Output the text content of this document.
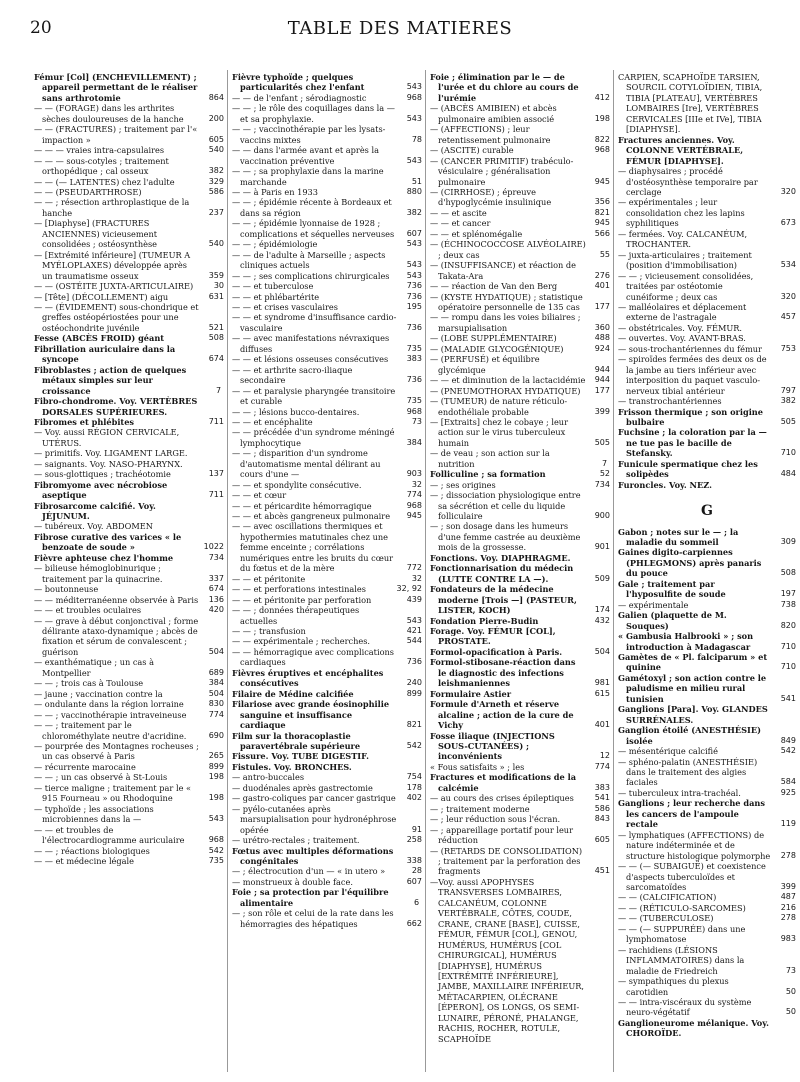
20	TABLE DES MATIERES
Fémur [Col] (ENCHEVILLEMENT) ; appareil permettant de le réaliser sans arthrotomie	864
— — (FORAGE) dans les arthrites sèches douloureuses de la hanche	200
— — (FRACTURES) ; traitement par l'« impaction »	605
— — — vraies intra-capsulaires	540
— — — sous-cotyles ; traitement orthopédique ; cal osseux	382
— — (— LATENTES) chez l'adulte	329
— — (PSEUDARTHROSE)	586
— — ; résection arthroplastique de la hanche	237
— [Diaphyse] (FRACTURES ANCIENNES) vicieusement consolidées ; ostéosynthèse	540
— [Extrémité inférieure] (TUMEUR A MYÉLOPLAXES) développée après un traumatisme osseux	359
— — (OSTÉITE JUXTA-ARTICULAIRE)	30
— [Tête] (DÉCOLLEMENT) aigu	631
— — (ÉVIDEMENT) sous-chondrique et greffes ostéopériostées pour une ostéochondrite juvénile	521
Fesse (ABCÈS FROID) géant	508
Fibrillation auriculaire dans la syncope	674
Fibroblastes ; action de quelques métaux simples sur leur croissance	7
Fibro-chondrome. Voy. VERTÈBRES DORSALES SUPÉRIEURES.
Fibromes et phlébites	711
— Voy. aussi RÉGION CERVICALE, UTÉRUS.
— primitifs. Voy. LIGAMENT LARGE.
— saignants. Voy. NASO-PHARYNX.
— sous-glottiques ; trachéotomie	137
Fibromyome avec nécrobiose aseptique	711
Fibrosarcome calcifié. Voy. JÉJUNUM.
— tubéreux. Voy. ABDOMEN
Fibrose curative des varices « le benzoate de soude »	1022
Fièvre aphteuse chez l'homme	734
— bilieuse hémoglobinurique ; traitement par la quinacrine.	337
— boutonneuse	674
— — méditerranéenne observée à Paris 136
— — et troubles oculaires	420
— — grave à début conjonctival ; forme délirante ataxo-dynamique ; abcès de fixation et sérum de convalescent ; guérison	504
— exanthématique ; un cas à Montpellier	689
— — ; trois cas à Toulouse	384
— jaune ; vaccination contre la	504
— ondulante dans la région lorraine	830
— — ; vaccinothérapie intraveineuse	774
— — ; traitement par le chlorométhylate neutre d'acridine.	690
— pourprée des Montagnes rocheuses ; un cas observé à Paris	265
— récurrente marocaine	899
— — ; un cas observé à St-Louis	198
— tierce maligne ; traitement par le « 915 Fourneau » ou Rhodoquine	198
— typhoïde ; les associations microbiennes dans la —	543
— — et troubles de l'électrocardiogramme auriculaire	968
— — ; réactions biologiques	542
— — et médecine légale	735
Fièvre typhoïde ; quelques particularités chez l'enfant	543
— — de l'enfant ; sérodiagnostic	968
— — ; le rôle des coquillages dans la — et sa prophylaxie.	543
— — ; vaccinothérapie par les lysats-vaccins mixtes	78
— — dans l'armée avant et après la vaccination préventive	543
— — ; sa prophylaxie dans la marine marchande	51
— — à Paris en 1933	880
— — ; épidémie récente à Bordeaux et dans sa région	382
— — ; épidémie lyonnaise de 1928 ; complications et séquelles nerveuses 607
— — ; épidémiologie	543
— — de l'adulte à Marseille ; aspects cliniques actuels	543
— — ; ses complications chirurgicales 543
— — et tuberculose	736
— — et phlébartérite	736
— — et crises vasculaires	195
— — et syndrome d'insuffisance cardio-vasculaire	736
— — avec manifestations névraxiques diffuses	735
— — et lésions osseuses consécutives 383
— — et arthrite sacro-iliaque secondaire	736
— — et paralysie pharyngée transitoire et curable	735
— — ; lésions bucco-dentaires.	968
— — et encéphalite	73
— — précédée d'un syndrome méningé lymphocytique	384
— — ; disparition d'un syndrome d'automatisme mental délirant au cours d'une —	903
— — et spondylite consécutive.	32
— — et cœur	774
— — et péricardite hémorragique	968
— — et abcès gangreneux pulmonaire 945
— — avec oscillations thermiques et hypothermies matutinales chez une femme enceinte ; corrélations numériques entre les bruits du cœur du fœtus et de la mère	772
— — et péritonite	32
— — et perforations intestinales	32, 92
— — et péritonite par perforation	439
— — ; données thérapeutiques actuelles	543
— — ; transfusion	421
— — expérimentale ; recherches.	544
— — hémorragique avec complications cardiaques	736
Fièvres éruptives et encéphalites consécutives	240
Filaire de Médine calcifiée	899
Filariose avec grande éosinophilie sanguine et insuffisance cardiaque	821
Film sur la thoracoplastie paravertébrale supérieure	542
Fissure. Voy. TUBE DIGESTIF.
Fistules. Voy. BRONCHES.
— antro-buccales	754
— duodénales après gastrectomie	178
— gastro-coliques par cancer gastrique 402
— pyélo-cutanées après marsupialisation pour hydronéphrose opérée	91
— urétro-rectales ; traitement.	258
Fœtus avec multiples déformations congénitales	338
— ; électrocution d'un — « in utero »	28
— monstrueux à double face.	607
Foie ; sa protection par l'équilibre alimentaire	6
— ; son rôle et celui de la rate dans les hémorragies des hépatiques	662
Foie ; élimination par le — de l'urée et du chlore au cours de l'urémie	412
— (ABCÈS AMIBIEN) et abcès pulmonaire amibien associé	198
— (AFFECTIONS) ; leur retentissement pulmonaire	822
— (ASCITE) curable	968
— (CANCER PRIMITIF) trabéculo-vésiculaire ; généralisation pulmonaire	945
— (CIRRHOSE) ; épreuve d'hypoglycémie insulinique	356
— — et ascite	821
— — et cancer	945
— — et splénomégalie	566
— (ÉCHINOCOCCOSE ALVÉOLAIRE) ; deux cas	55
— (INSUFFISANCE) et réaction de Takata-Ara	276
— — réaction de Van den Berg	401
— (KYSTE HYDATIQUE) ; statistique opératoire personnelle de 135 cas 177
— — rompu dans les voies biliaires ; marsupialisation	360
— (LOBE SUPPLÉMENTAIRE)	488
— (MALADIE GLYCOGÉNIQUE)	924
— (PERFUSÉ) et équilibre glycémique	944
— — et diminution de la lactacidémie 944
— (PNEUMOTHORAX HYDATIQUE) 177
— (TUMEUR) de nature réticulo-endothéliale probable	399
— [Extraits] chez le cobaye ; leur action sur le virus tuberculeux humain	505
— de veau ; son action sur la nutrition	7
Folliculine ; sa formation	52
— ; ses origines	734
— ; dissociation physiologique entre sa sécrétion et celle du liquide folliculaire	900
— ; son dosage dans les humeurs d'une femme castrée au deuxième mois de la grossesse.	901
Fonctions. Voy. DIAPHRAGME.
Fonctionnarisation du médecin (LUTTE CONTRE LA —).	509
Fondateurs de la médecine moderne [Trois —] (PASTEUR, LISTER, KOCH)	174
Fondation Pierre-Budin	432
Forage. Voy. FÉMUR [COL], PROSTATE.
Formol-opacification à Paris.	504
Formol-stibosane-réaction dans le diagnostic des infections leishmaniennes	981
Formulaire Astier	615
Formule d'Arneth et réserve alcaline ; action de la cure de Vichy	401
Fosse iliaque (INJECTIONS SOUS-CUTANÉES) ; inconvénients	12
« Fous satisfaits » ; les	774
Fractures et modifications de la calcémie	383
— au cours des crises épileptiques	541
— ; traitement moderne	586
— ; leur réduction sous l'écran.	843
— ; appareillage portatif pour leur réduction	605
— (RETARDS DE CONSOLIDATION) ; traitement par la perforation des fragments	451
—Voy. aussi APOPHYSES TRANSVERSES LOMBAIRES, CALCANÉUM, COLONNE VERTÉBRALE, CÔTES, COUDE, CRANE, CRANE [BASE], CUISSE, FÉMUR, FÉMUR [COL], GENOU, HUMÉRUS, HUMÉRUS [COL CHIRURGICAL], HUMÉRUS [DIAPHYSE], HUMÉRUS [EXTRÉMITÉ INFÉRIEURE], JAMBE, MAXILLAIRE INFÉRIEUR, MÉTACARPIEN, OLÉCRANE [ÉPERON], OS LONGS, OS SEMI-LUNAIRE, PÉRONÉ, PHALANGE, RACHIS, ROCHER, ROTULE, SCAPHOÏDE
CARPIEN, SCAPHOÏDE TARSIEN, SOURCIL COTYLOÏDIEN, TIBIA, TIBIA [PLATEAU], VERTÈBRES LOMBAIRES [Ire], VERTÈBRES CERVICALES [IIIe et IVe], TIBIA [DIAPHYSE].
Fractures anciennes. Voy. COLONNE VERTÉBRALE, FÉMUR [DIAPHYSE].
— diaphysaires ; procédé d'ostéosynthèse temporaire par cerclage	320
— expérimentales ; leur consolidation chez les lapins syphilitiques	673
— fermées. Voy. CALCANÉUM, TROCHANTER.
— juxta-articulaires ; traitement (position d'immobilisation)	534
— — ; vicieusement consolidées, traitées par ostéotomie cunéiforme ; deux cas	320
— malléolaires et déplacement externe de l'astragale	457
— obstétricales. Voy. FÉMUR.
— ouvertes. Voy. AVANT-BRAS.
— sous-trochantériennes du fémur 753
— spiroïdes fermées des deux os de la jambe au tiers inférieur avec interposition du paquet vasculo-nerveux tibial antérieur	797
— transtrochantériennes	382
Frisson thermique ; son origine bulbaire	505
Fuchsine ; la coloration par la — ne tue pas le bacille de Stefansky.	710
Funicule spermatique chez les solipèdes	484
Furoncles. Voy. NEZ.
G
Gabon ; notes sur le — ; la maladie du sommeil	309
Gaines digito-carpiennes (PHLEGMONS) après panaris du pouce	508
Gale ; traitement par l'hyposulfite de soude	197
— expérimentale	738
Galien (plaquette de M. Souques)	820
« Gambusia Halbrooki » ; son introduction à Madagascar	710
Gamètes de « Pl. falciparum » et quinine	710
Gamétoxyl ; son action contre le paludisme en milieu rural tunisien	541
Ganglions [Para]. Voy. GLANDES SURRÉNALES.
Ganglion étoilé (ANESTHÉSIE) isolée	849
— mésentérique calcifié	542
— sphéno-palatin (ANESTHÉSIE) dans le traitement des algies faciales	584
— tuberculeux intra-trachéal.	925
Ganglions ; leur recherche dans les cancers de l'ampoule rectale	119
— lymphatiques (AFFECTIONS) de nature indéterminée et de structure histologique polymorphe 278
— — (— SUBAIGUË) et coexistence d'aspects tuberculoïdes et sarcomatoïdes	399
— — (CALCIFICATION)	487
— — (RÉTICULO-SARCOMES)	216
— — (TUBERCULOSE)	278
— — (— SUPPURÉE) dans une lymphomatose	983
— rachidiens (LÉSIONS INFLAMMATOIRES) dans la maladie de Friedreich	73
— sympathiques du plexus carotidien	50
— — intra-viscéraux du système neuro-végétatif	50
Ganglioneurome mélanique. Voy. CHOROÏDE.
